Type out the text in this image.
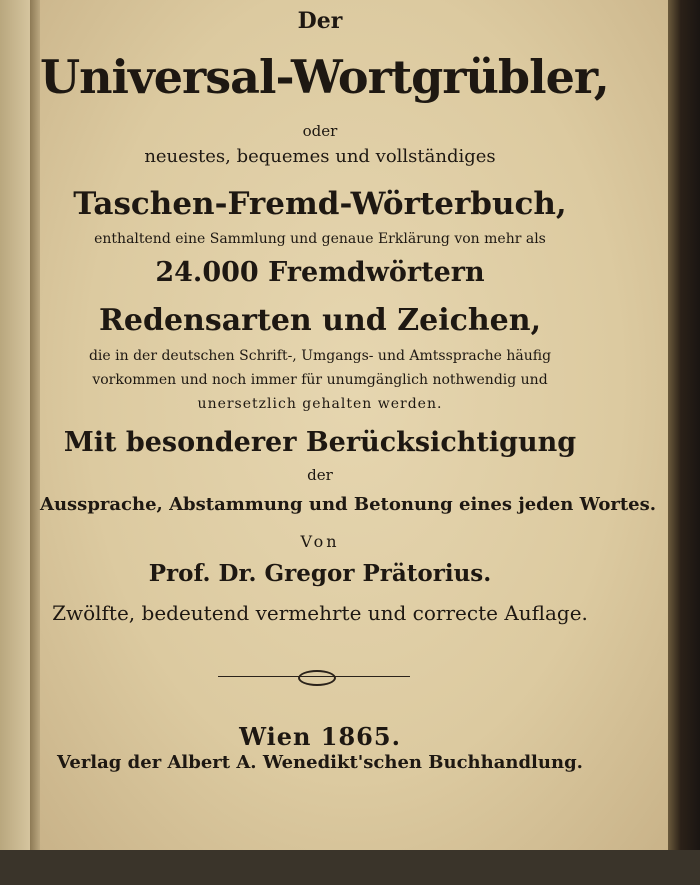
Der
Universal-Wortgrübler,
oder
neuestes, bequemes und vollständiges
Taschen-Fremd-Wörterbuch,
enthaltend eine Sammlung und genaue Erklärung von mehr als
24.000 Fremdwörtern
Redensarten und Zeichen,
die in der deutschen Schrift-, Umgangs- und Amtssprache häufig
vorkommen und noch immer für unumgänglich nothwendig und
unersetzlich gehalten werden.
Mit besonderer Berücksichtigung
der
Aussprache, Abstammung und Betonung eines jeden Wortes.
Von
Prof. Dr. Gregor Prätorius.
Zwölfte, bedeutend vermehrte und correcte Auflage.
Wien 1865.
Verlag der Albert A. Wenedikt'schen Buchhandlung.
